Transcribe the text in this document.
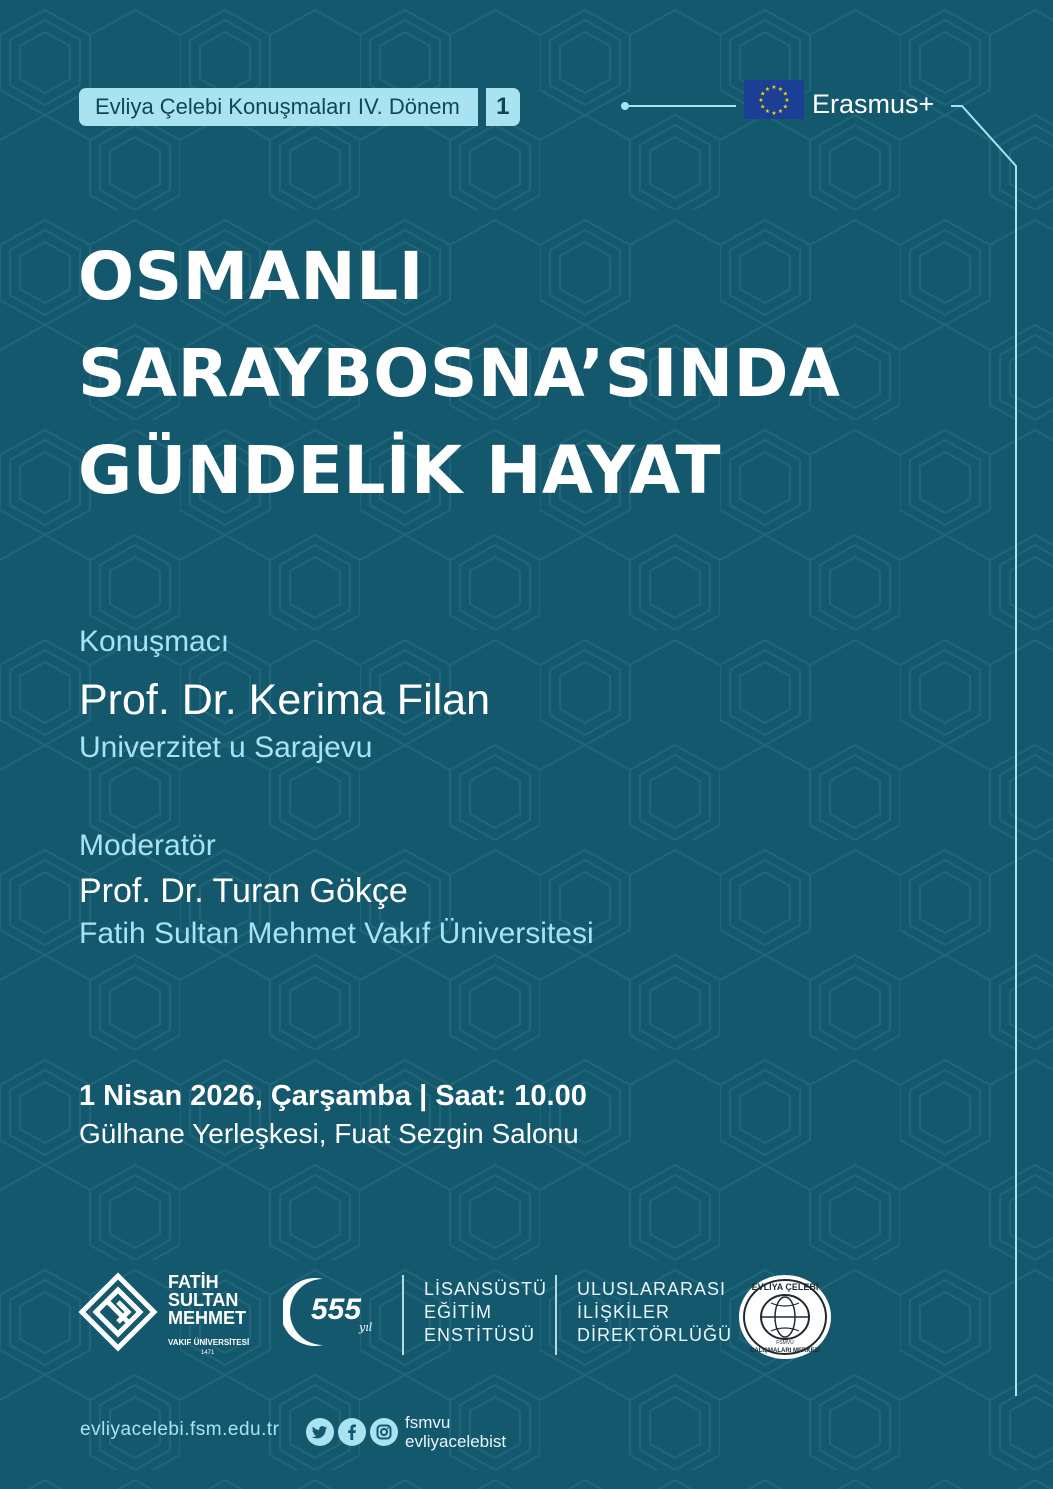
Evliya Çelebi Konuşmaları IV. Dönem	1
★ ★
★
★
★
★
★
★
★
★
★
★ Erasmus+
OSMANLI
SARAYBOSNA’SINDA
GÜNDELİK HAYAT
Konuşmacı
Prof. Dr. Kerima Filan
Univerzitet u Sarajevu
Moderatör
Prof. Dr. Turan Gökçe
Fatih Sultan Mehmet Vakıf Üniversitesi
1 Nisan 2026, Çarşamba | Saat: 10.00
Gülhane Yerleşkesi, Fuat Sezgin Salonu
FATİH
SULTAN
MEHMET
VAKIF ÜNİVERSİTESİ
1471
555
yıl
LİSANSÜSTÜ
EĞİTİM
ENSTİTÜSÜ
ULUSLARARASI
İLİŞKİLER
DİREKTÖRLÜĞÜ
EVLİYA ÇELEBİ
ÇALIŞMALARI MERKEZİ
FSMVÜ
evliyacelebi.fsm.edu.tr	fsmvu
evliyacelebist
